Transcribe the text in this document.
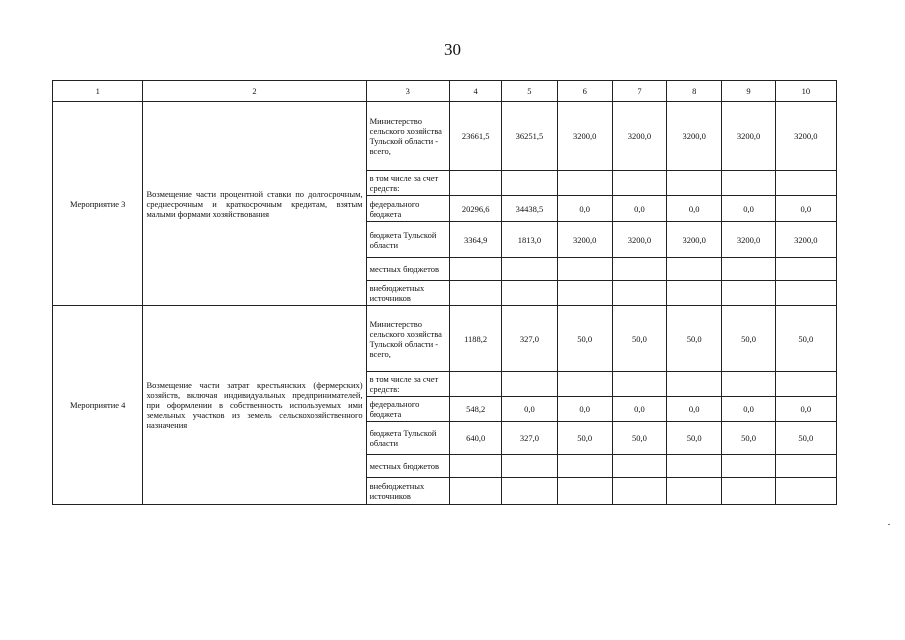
30
1	2	3	4	5	6	7	8	9	10
Мероприятие 3	Возмещение части процентной ставки по долгосрочным, среднесрочным и краткосрочным кредитам, взятым малыми формами хозяйствования	Министерство сельского хозяйства Тульской области - всего,	23661,5	36251,5	3200,0	3200,0	3200,0	3200,0	3200,0
		в том числе за счет средств:							
		федерального бюджета	20296,6	34438,5	0,0	0,0	0,0	0,0	0,0
		бюджета Тульской области	3364,9	1813,0	3200,0	3200,0	3200,0	3200,0	3200,0
		местных бюджетов							
		внебюджетных источников							
Мероприятие 4	Возмещение части затрат крестьянских (фермерских) хозяйств, включая индивидуальных предпринимателей, при оформлении в собственность используемых ими земельных участков из земель сельскохозяйственного назначения	Министерство сельского хозяйства Тульской области - всего,	1188,2	327,0	50,0	50,0	50,0	50,0	50,0
		в том числе за счет средств:							
		федерального бюджета	548,2	0,0	0,0	0,0	0,0	0,0	0,0
		бюджета Тульской области	640,0	327,0	50,0	50,0	50,0	50,0	50,0
		местных бюджетов							
		внебюджетных источников							
